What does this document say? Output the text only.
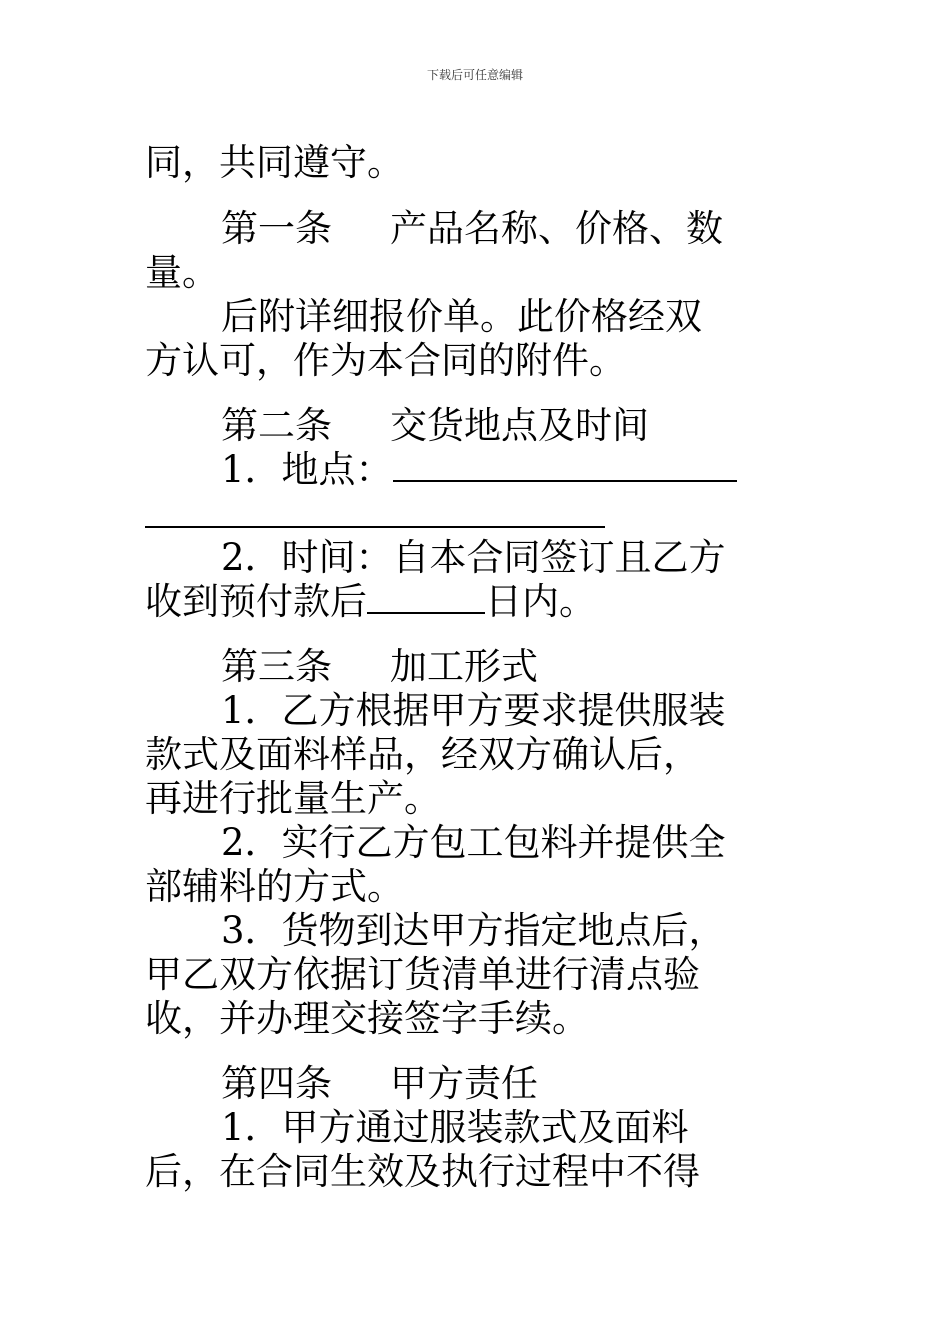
下载后可任意编辑
同，共同遵守。
第一条 产品名称、价格、数
量。
后附详细报价单。此价格经双
方认可，作为本合同的附件。
第二条 交货地点及时间
1．地点：
2．时间：自本合同签订且乙方
收到预付款后	日内。
第三条 加工形式
1．乙方根据甲方要求提供服装
款式及面料样品，经双方确认后，
再进行批量生产。
2．实行乙方包工包料并提供全
部辅料的方式。
3．货物到达甲方指定地点后，
甲乙双方依据订货清单进行清点验
收，并办理交接签字手续。
第四条 甲方责任
1．甲方通过服装款式及面料
后，在合同生效及执行过程中不得
